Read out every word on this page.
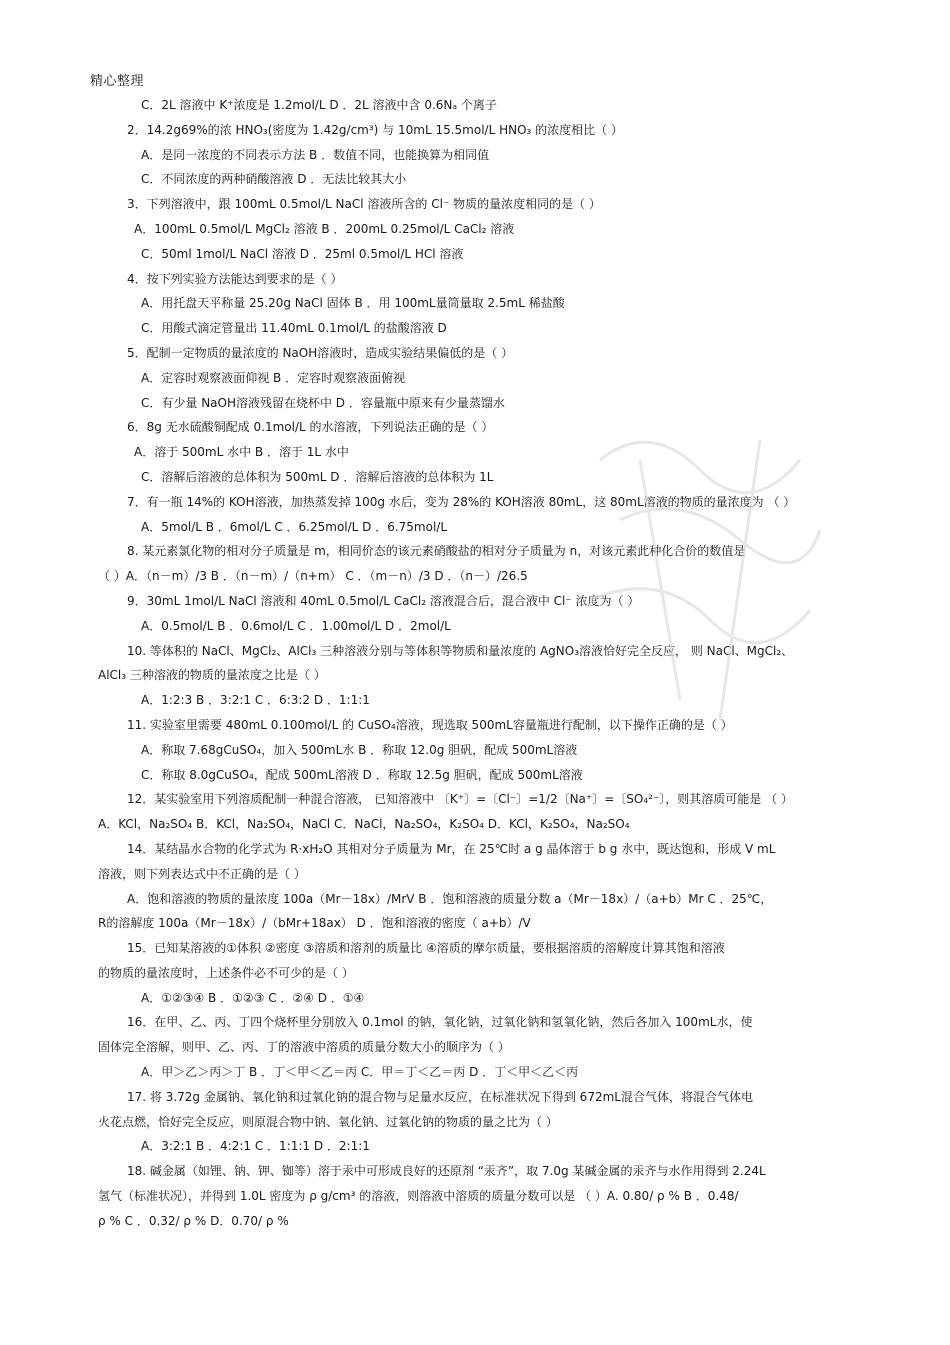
精心整理
C．2L 溶液中 K⁺浓度是 1.2mol/L D ．2L 溶液中含 0.6Nₐ 个离子
2．14.2g69%的浓 HNO₃(密度为 1.42g/cm³) 与 10mL 15.5mol/L HNO₃ 的浓度相比（ ）
A．是同一浓度的不同表示方法 B ．数值不同，也能换算为相同值
C．不同浓度的两种硝酸溶液 D ．无法比较其大小
3．下列溶液中，跟 100mL 0.5mol/L NaCl 溶液所含的 Cl⁻ 物质的量浓度相同的是（ ）
A．100mL 0.5mol/L MgCl₂ 溶液 B ．200mL 0.25mol/L CaCl₂ 溶液
C．50ml 1mol/L NaCl 溶液 D ．25ml 0.5mol/L HCl 溶液
4．按下列实验方法能达到要求的是（ ）
A．用托盘天平称量 25.20g NaCl 固体 B ．用 100mL量筒量取 2.5mL 稀盐酸
C．用酸式滴定管量出 11.40mL 0.1mol/L 的盐酸溶液 D
5．配制一定物质的量浓度的 NaOH溶液时，造成实验结果偏低的是（ ）
A．定容时观察液面仰视 B ．定容时观察液面俯视
C．有少量 NaOH溶液残留在烧杯中 D ．容量瓶中原来有少量蒸馏水
6．8g 无水硫酸铜配成 0.1mol/L 的水溶液，下列说法正确的是（ ）
A．溶于 500mL 水中 B ．溶于 1L 水中
C．溶解后溶液的总体积为 500mL D ．溶解后溶液的总体积为 1L
7．有一瓶 14%的 KOH溶液，加热蒸发掉 100g 水后，变为 28%的 KOH溶液 80mL，这 80mL溶液的物质的量浓度为 （ ）
A．5mol/L B ．6mol/L C ．6.25mol/L D ．6.75mol/L
8. 某元素氯化物的相对分子质量是 m，相同价态的该元素硝酸盐的相对分子质量为 n，对该元素此种化合价的数值是
（ ）A．（n－m）/3 B ．（n－m）/（n+m） C ．（m－n）/3 D ．（n－）/26.5
9．30mL 1mol/L NaCl 溶液和 40mL 0.5mol/L CaCl₂ 溶液混合后，混合液中 Cl⁻ 浓度为（ ）
A．0.5mol/L B ．0.6mol/L C ．1.00mol/L D ．2mol/L
10. 等体积的 NaCl、MgCl₂、AlCl₃ 三种溶液分别与等体积等物质和量浓度的 AgNO₃溶液恰好完全反应， 则 NaCl、MgCl₂、
AlCl₃ 三种溶液的物质的量浓度之比是（ ）
A．1:2:3 B ．3:2:1 C ．6:3:2 D ．1:1:1
11. 实验室里需要 480mL 0.100mol/L 的 CuSO₄溶液，现选取 500mL容量瓶进行配制，以下操作正确的是（ ）
A．称取 7.68gCuSO₄，加入 500mL水 B ．称取 12.0g 胆矾，配成 500mL溶液
C．称取 8.0gCuSO₄，配成 500mL溶液 D ．称取 12.5g 胆矾，配成 500mL溶液
12．某实验室用下列溶质配制一种混合溶液， 已知溶液中 〔K⁺〕=〔Cl⁻〕=1/2〔Na⁺〕=〔SO₄²⁻〕，则其溶质可能是 （ ）
A．KCl，Na₂SO₄ B．KCl，Na₂SO₄，NaCl C．NaCl，Na₂SO₄，K₂SO₄ D．KCl，K₂SO₄，Na₂SO₄
14．某结晶水合物的化学式为 R·xH₂O 其相对分子质量为 Mr，在 25℃时 a g 晶体溶于 b g 水中，既达饱和，形成 V mL
溶液，则下列表达式中不正确的是（ ）
A．饱和溶液的物质的量浓度 100a（Mr－18x）/MrV B ．饱和溶液的质量分数 a（Mr－18x）/（a+b）Mr C ．25℃，
R的溶解度 100a（Mr－18x）/（bMr+18ax） D ．饱和溶液的密度（ a+b）/V
15．已知某溶液的①体积 ②密度 ③溶质和溶剂的质量比 ④溶质的摩尔质量，要根据溶质的溶解度计算其饱和溶液
的物质的量浓度时，上述条件必不可少的是（ ）
A．①②③④ B ．①②③ C ．②④ D ．①④
16．在甲、乙、丙、丁四个烧杯里分别放入 0.1mol 的钠，氧化钠，过氧化钠和氢氧化钠，然后各加入 100mL水，使
固体完全溶解，则甲、乙、丙、丁的溶液中溶质的质量分数大小的顺序为（ ）
A．甲＞乙＞丙＞丁 B ．丁＜甲＜乙＝丙 C．甲＝丁＜乙＝丙 D ．丁＜甲＜乙＜丙
17. 将 3.72g 金属钠、氧化钠和过氧化钠的混合物与足量水反应，在标准状况下得到 672mL混合气体，将混合气体电
火花点燃，恰好完全反应，则原混合物中钠、氧化钠、过氧化钠的物质的量之比为（ ）
A．3:2:1 B ．4:2:1 C ．1:1:1 D ．2:1:1
18. 碱金属（如锂、钠、钾、铷等）溶于汞中可形成良好的还原剂 “汞齐”，取 7.0g 某碱金属的汞齐与水作用得到 2.24L
氢气（标准状况），并得到 1.0L 密度为 ρ g/cm³ 的溶液，则溶液中溶质的质量分数可以是 （ ）A. 0.80/ ρ % B ．0.48/
ρ % C ．0.32/ ρ % D．0.70/ ρ %
